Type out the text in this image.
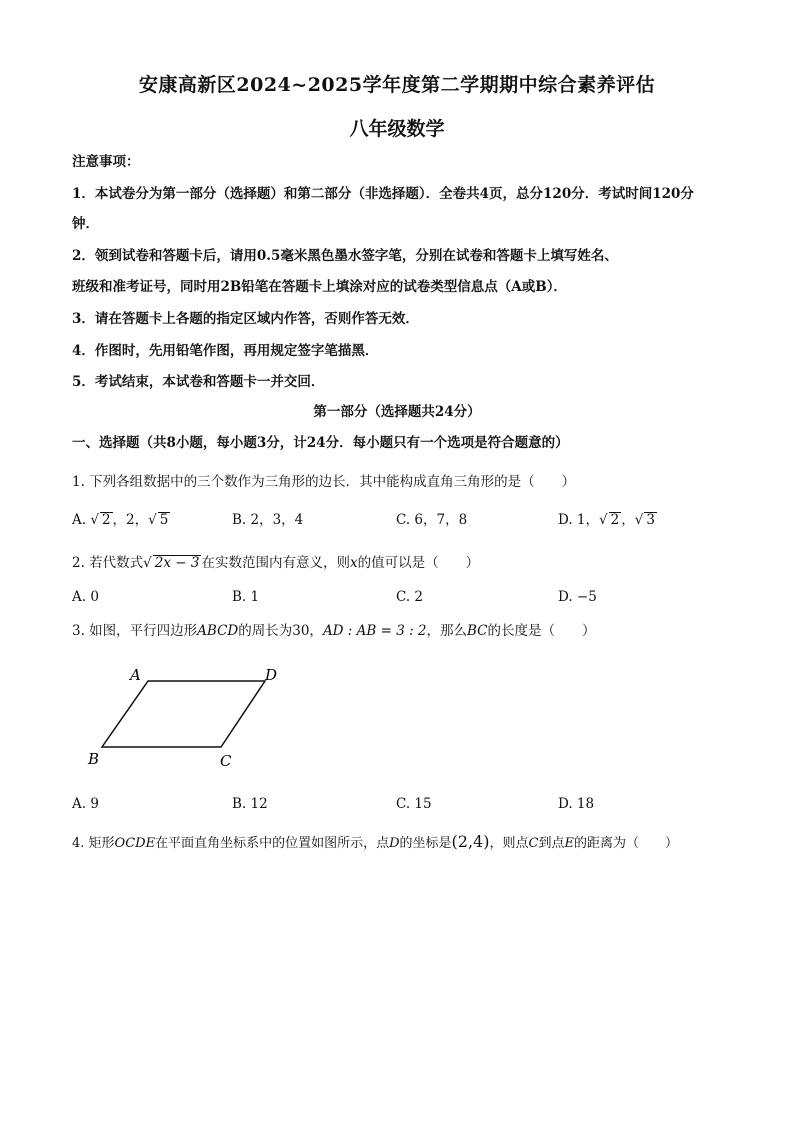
安康高新区2024~2025学年度第二学期期中综合素养评估
八年级数学
注意事项：
1．本试卷分为第一部分（选择题）和第二部分（非选择题）．全卷共4页，总分120分．考试时间120分
钟．
2．领到试卷和答题卡后，请用0.5毫米黑色墨水签字笔，分别在试卷和答题卡上填写姓名、
班级和准考证号，同时用2B铅笔在答题卡上填涂对应的试卷类型信息点（A或B）．
3．请在答题卡上各题的指定区域内作答，否则作答无效．
4．作图时，先用铅笔作图，再用规定签字笔描黑．
5．考试结束，本试卷和答题卡一并交回．
第一部分（选择题共24分）
一、选择题（共8小题，每小题3分，计24分．每小题只有一个选项是符合题意的）
1. 下列各组数据中的三个数作为三角形的边长．其中能构成直角三角形的是（　　）
A. √ 2 ，2，√ 5	B. 2，3，4	C. 6，7，8	D. 1，√ 2 ，√ 3
2. 若代数式√ 2x − 3 在实数范围内有意义，则x的值可以是（　　）
A. 0	B. 1	C. 2	D. −5
3. 如图，平行四边形ABCD的周长为30，AD : AB = 3 : 2，那么BC的长度是（　　）
A	D
B	C
A. 9	B. 12	C. 15	D. 18
4. 矩形OCDE在平面直角坐标系中的位置如图所示，点D的坐标是(2,4)，则点C到点E的距离为（　　）
